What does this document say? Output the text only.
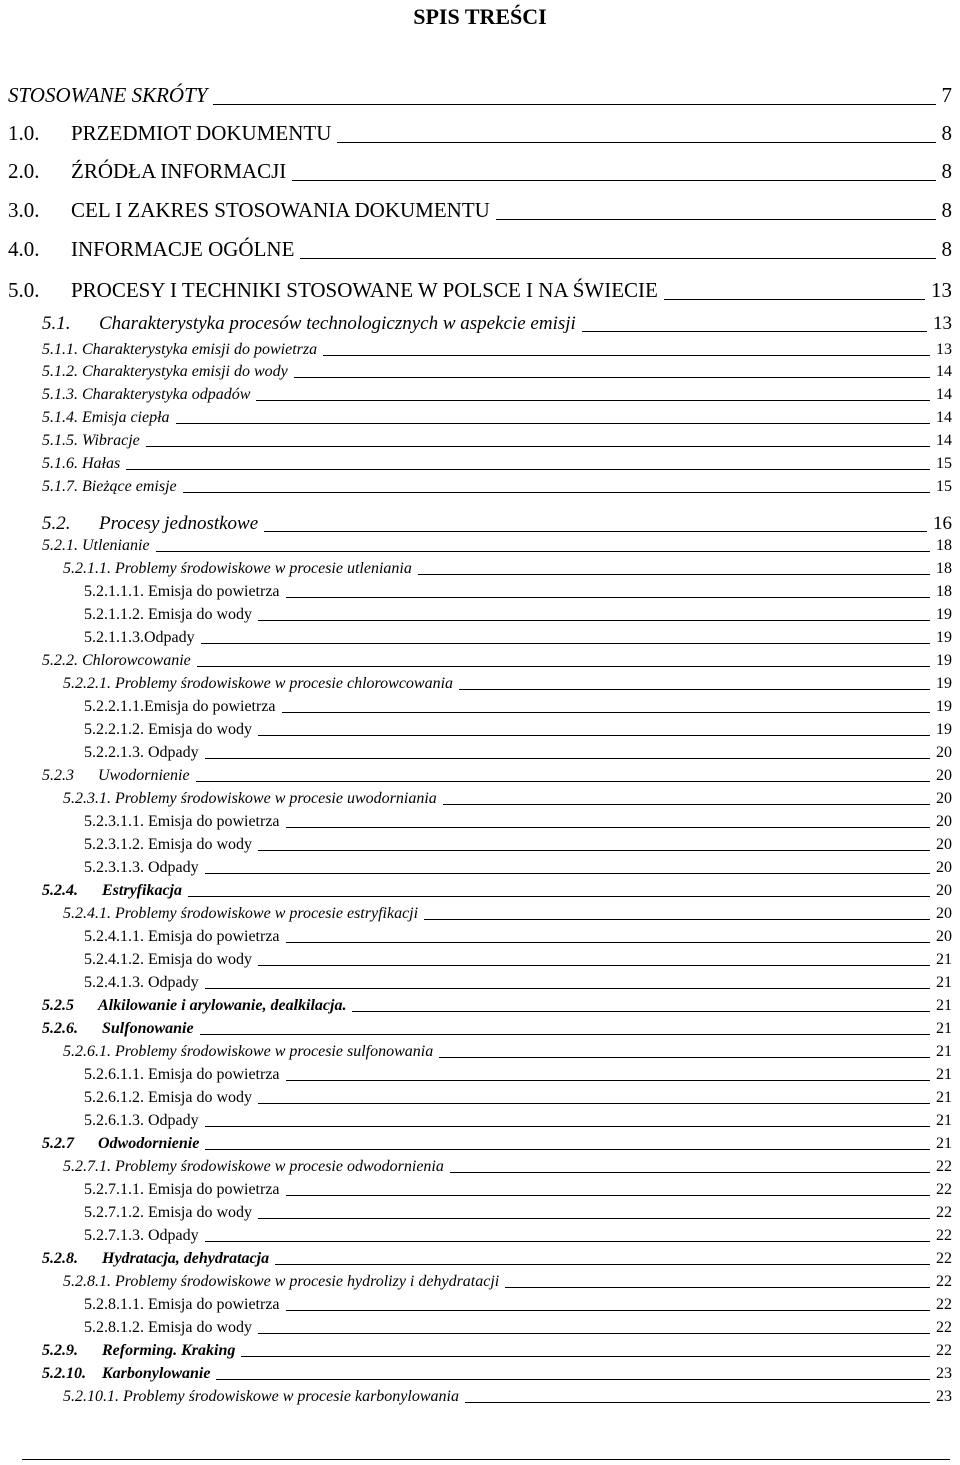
SPIS TREŚCI
STOSOWANE SKRÓTY	7
1.0.  PRZEDMIOT DOKUMENTU	8
2.0.  ŹRÓDŁA INFORMACJI	8
3.0.  CEL I ZAKRES STOSOWANIA DOKUMENTU	8
4.0.  INFORMACJE OGÓLNE	8
5.0.  PROCESY I TECHNIKI STOSOWANE W POLSCE I NA ŚWIECIE	13
5.1.  Charakterystyka procesów technologicznych w aspekcie emisji	13
5.1.1. Charakterystyka emisji do powietrza	13
5.1.2. Charakterystyka emisji do wody	14
5.1.3. Charakterystyka odpadów	14
5.1.4. Emisja ciepła	14
5.1.5. Wibracje	14
5.1.6. Hałas	15
5.1.7. Bieżące emisje	15
5.2.  Procesy jednostkowe	16
5.2.1. Utlenianie	18
5.2.1.1. Problemy środowiskowe w procesie utleniania	18
5.2.1.1.1. Emisja do powietrza	18
5.2.1.1.2. Emisja do wody	19
5.2.1.1.3.Odpady	19
5.2.2. Chlorowcowanie	19
5.2.2.1. Problemy środowiskowe w procesie chlorowcowania	19
5.2.2.1.1.Emisja do powietrza	19
5.2.2.1.2. Emisja do wody	19
5.2.2.1.3. Odpady	20
5.2.3  Uwodornienie	20
5.2.3.1. Problemy środowiskowe w procesie uwodorniania	20
5.2.3.1.1. Emisja do powietrza	20
5.2.3.1.2. Emisja do wody	20
5.2.3.1.3. Odpady	20
5.2.4.  Estryfikacja	20
5.2.4.1. Problemy środowiskowe w procesie estryfikacji	20
5.2.4.1.1. Emisja do powietrza	20
5.2.4.1.2. Emisja do wody	21
5.2.4.1.3. Odpady	21
5.2.5  Alkilowanie i arylowanie, dealkilacja.	21
5.2.6.  Sulfonowanie	21
5.2.6.1. Problemy środowiskowe w procesie sulfonowania	21
5.2.6.1.1. Emisja do powietrza	21
5.2.6.1.2. Emisja do wody	21
5.2.6.1.3. Odpady	21
5.2.7  Odwodornienie	21
5.2.7.1. Problemy środowiskowe w procesie odwodornienia	22
5.2.7.1.1. Emisja do powietrza	22
5.2.7.1.2. Emisja do wody	22
5.2.7.1.3. Odpady	22
5.2.8.  Hydratacja, dehydratacja	22
5.2.8.1. Problemy środowiskowe w procesie hydrolizy i dehydratacji	22
5.2.8.1.1. Emisja do powietrza	22
5.2.8.1.2. Emisja do wody	22
5.2.9.  Reforming. Kraking	22
5.2.10. Karbonylowanie	23
5.2.10.1. Problemy środowiskowe w procesie karbonylowania	23
